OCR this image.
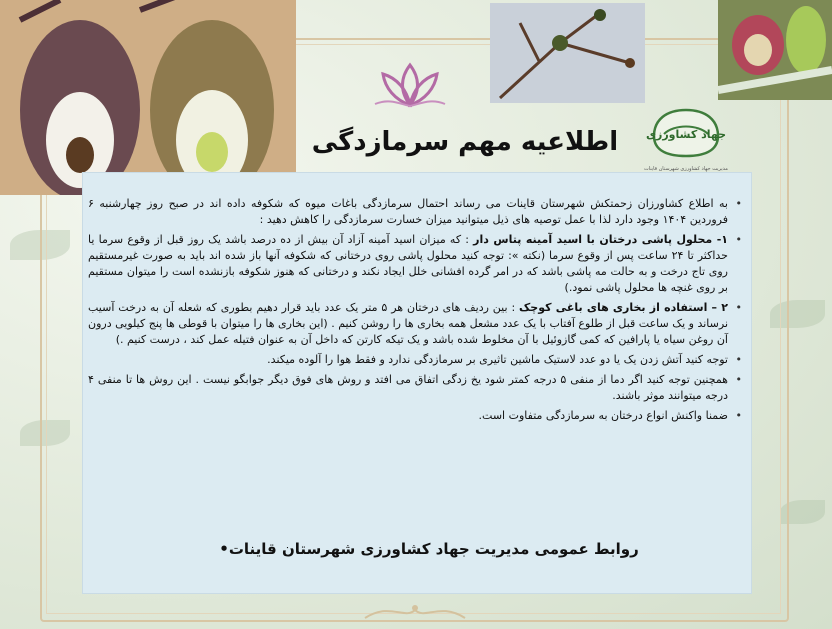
جهاد کشاورزی
مدیریت جهاد کشاورزی شهرستان قاینات
اطلاعیه مهم سرمازدگی

• به اطلاع کشاورزان زحمتکش شهرستان قاینات می رساند احتمال سرمازدگی باغات میوه که شکوفه داده اند در صبح روز چهارشنبه ۶ فروردین ۱۴۰۴ وجود دارد لذا با عمل توصیه های ذیل میتوانید میزان خسارت سرمازدگی را کاهش دهید :

• ۱- محلول پاشی درختان با اسید آمینه پتاس دار : که میزان اسید آمینه آزاد آن بیش از ده درصد باشد یک روز قبل از وقوع سرما یا حداکثر تا ۲۴ ساعت پس از وقوع سرما (نکته »: توجه کنید محلول پاشی روی درختانی که شکوفه آنها باز شده اند باید به صورت غیرمستقیم روی تاج درخت و به حالت مه پاشی باشد که در امر گرده افشانی خلل ایجاد نکند و درختانی که هنوز شکوفه بازنشده است را میتوان مستقیم بر روی غنچه ها محلول پاشی نمود.)

• ۲ – استفاده از بخاری های باغی کوچک : بین ردیف های درختان هر ۵ متر یک عدد باید قرار دهیم بطوری که شعله آن به درخت آسیب نرساند و یک ساعت قبل از طلوع آفتاب با یک عدد مشعل همه بخاری ها را روشن کنیم . (این بخاری ها را میتوان با قوطی ها پنج کیلویی درون آن روغن سیاه یا پارافین که کمی گازوئیل با آن مخلوط شده باشد و یک تیکه کارتن که داخل آن به عنوان فتیله عمل کند ، درست کنیم .)

• توجه کنید آتش زدن یک یا دو عدد لاستیک ماشین تاثیری بر سرمازدگی ندارد و فقط هوا را آلوده میکند.

• همچنین توجه کنید اگر دما از منفی ۵ درجه کمتر شود یخ زدگی اتفاق می افتد و روش های فوق دیگر جوابگو نیست . این روش ها تا منفی ۴ درجه میتوانند موثر باشند.

• ضمنا واکنش انواع درختان به سرمازدگی متفاوت است.

روابط عمومی مدیریت جهاد کشاورزی شهرستان قاینات•
